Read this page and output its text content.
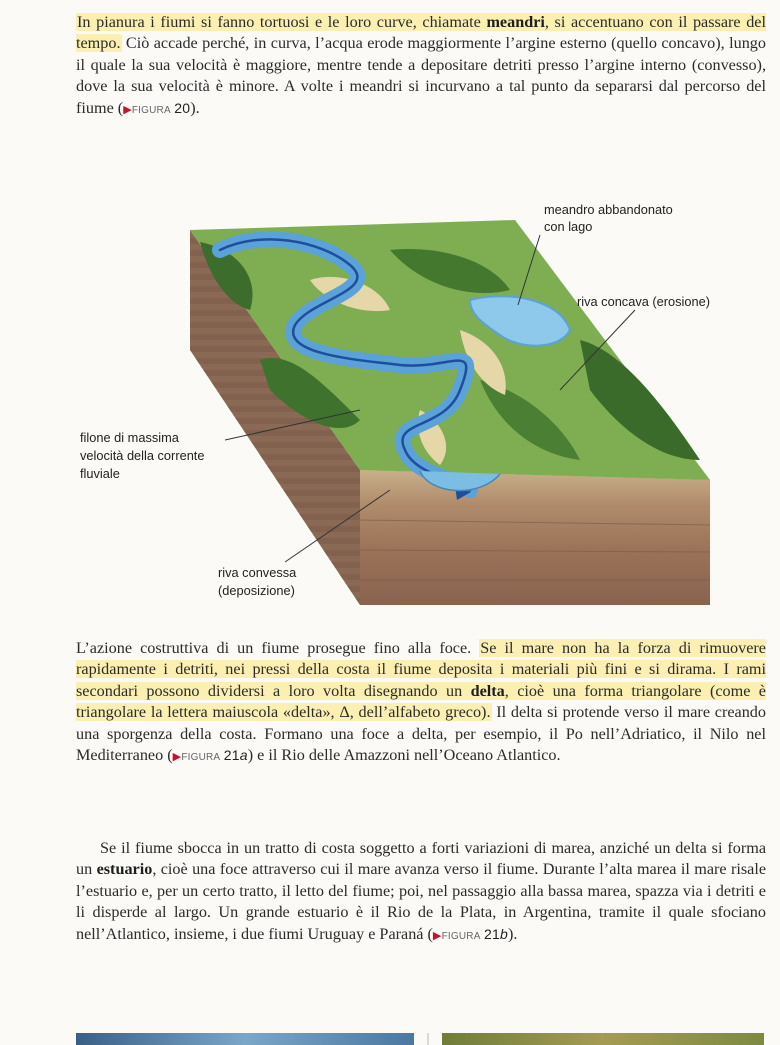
In pianura i fiumi si fanno tortuosi e le loro curve, chiamate meandri, si accentuano con il passare del tempo. Ciò accade perché, in curva, l’acqua erode maggiormente l’argine esterno (quello concavo), lungo il quale la sua velocità è maggiore, mentre tende a depositare detriti presso l’argine interno (convesso), dove la sua velocità è minore. A volte i meandri si incurvano a tal punto da separarsi dal percorso del fiume (▶FIGURA 20).

meandro abbandonato
con lago
riva concava (erosione)
filone di massima
velocità della corrente
fluviale
riva convessa
(deposizione)

L’azione costruttiva di un fiume prosegue fino alla foce. Se il mare non ha la forza di rimuovere rapidamente i detriti, nei pressi della costa il fiume deposita i materiali più fini e si dirama. I rami secondari possono dividersi a loro volta disegnando un delta, cioè una forma triangolare (come è triangolare la lettera maiuscola «delta», Δ, dell’alfabeto greco). Il delta si protende verso il mare creando una sporgenza della costa. Formano una foce a delta, per esempio, il Po nell’Adriatico, il Nilo nel Mediterraneo (▶FIGURA 21a) e il Rio delle Amazzoni nell’Oceano Atlantico.

Se il fiume sbocca in un tratto di costa soggetto a forti variazioni di marea, anziché un delta si forma un estuario, cioè una foce attraverso cui il mare avanza verso il fiume. Durante l’alta marea il mare risale l’estuario e, per un certo tratto, il letto del fiume; poi, nel passaggio alla bassa marea, spazza via i detriti e li disperde al largo. Un grande estuario è il Rio de la Plata, in Argentina, tramite il quale sfociano nell’Atlantico, insieme, i due fiumi Uruguay e Paraná (▶FIGURA 21b).
